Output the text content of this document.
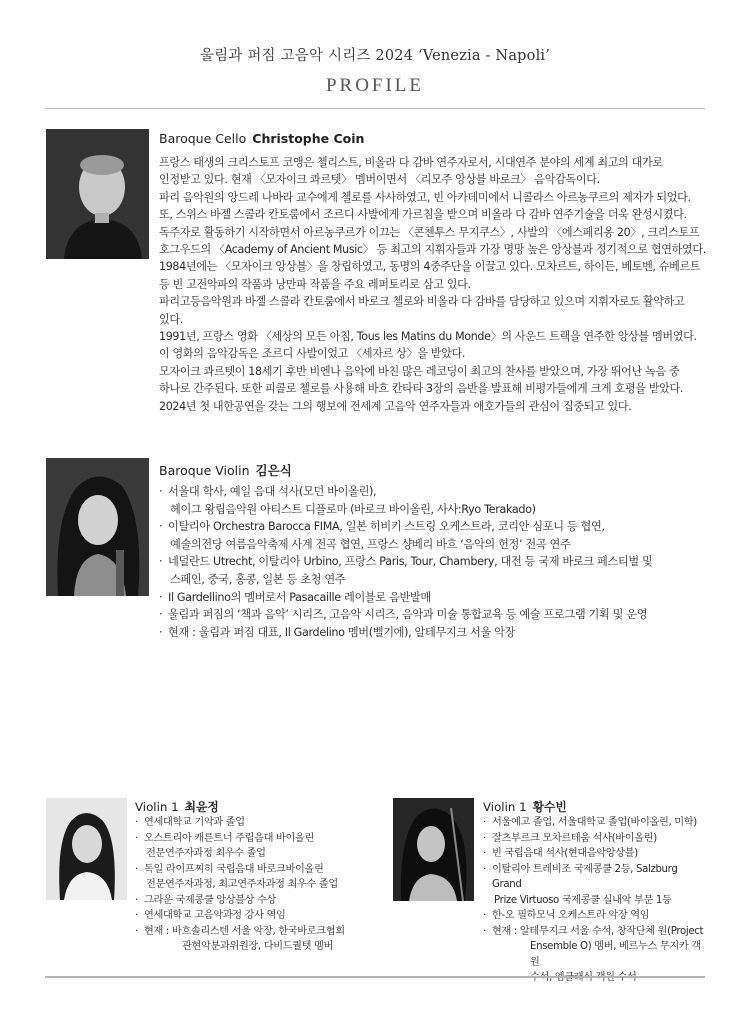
울림과 퍼짐 고음악 시리즈 2024 ‘Venezia - Napoli’
PROFILE
Baroque Cello Christophe Coin

프랑스 태생의 크리스토프 코앵은 첼리스트, 비올라 다 감바 연주자로서, 시대연주 분야의 세계 최고의 대가로 인정받고 있다. 현재 〈모자이크 콰르텟〉 멤버이면서 〈리모주 앙상블 바로크〉 음악감독이다.

파리 음악원의 앙드레 나바라 교수에게 첼로를 사사하였고, 빈 아카데미에서 니콜라스 아르농쿠르의 제자가 되었다. 또, 스위스 바젤 스콜라 칸토룸에서 조르디 사발에게 가르침을 받으며 비올라 다 감바 연주기술을 더욱 완성시켰다.

독주자로 활동하기 시작하면서 아르농쿠르가 이끄는 〈콘첸투스 무지쿠스〉, 사발의 〈에스페리옹 20〉, 크리스토프 호그우드의 〈Academy of Ancient Music〉 등 최고의 지휘자들과 가장 명망 높은 앙상블과 정기적으로 협연하였다.

1984년에는 〈모자이크 앙상블〉을 창립하였고, 동명의 4중주단을 이끌고 있다. 모차르트, 하이든, 베토벤, 슈베르트 등 빈 고전악파의 작품과 낭만파 작품을 주요 레퍼토리로 삼고 있다.

파리고등음악원과 바젤 스콜라 칸토룸에서 바로크 첼로와 비올라 다 감바를 담당하고 있으며 지휘자로도 활약하고 있다.

1991년, 프랑스 영화 〈세상의 모든 아침, Tous les Matins du Monde〉의 사운드 트랙을 연주한 앙상블 멤버였다. 이 영화의 음악감독은 조르디 사발이었고 〈세자르 상〉을 받았다.

모자이크 콰르텟이 18세기 후반 비엔나 음악에 바친 많은 레코딩이 최고의 찬사를 받았으며, 가장 뛰어난 녹음 중 하나로 간주된다. 또한 피콜로 첼로를 사용해 바흐 칸타타 3장의 음반을 발표해 비평가들에게 크게 호평을 받았다.

2024년 첫 내한공연을 갖는 그의 행보에 전세계 고음악 연주자들과 애호가들의 관심이 집중되고 있다.

Baroque Violin 김은식
· 서울대 학사, 예일 음대 석사(모던 바이올린),
헤이그 왕립음악원 아티스트 디플로마 (바로크 바이올린, 사사:Ryo Terakado)
· 이탈리아 Orchestra Barocca FIMA, 일본 히비키 스트링 오케스트라, 코리안 심포니 등 협연,
예술의전당 여름음악축제 사계 전곡 협연, 프랑스 샹베리 바흐 ‘음악의 헌정’ 전곡 연주
· 네덜란드 Utrecht, 이탈리아 Urbino, 프랑스 Paris, Tour, Chambery, 대전 등 국제 바로크 페스티벌 및
스페인, 중국, 홍콩, 일본 등 초청 연주
· Il Gardellino의 멤버로서 Pasacaille 레이블로 음반발매
· 울림과 퍼짐의 ‘책과 음악’ 시리즈, 고음악 시리즈, 음악과 미술 통합교육 등 예술 프로그램 기획 및 운영
· 현재 : 울림과 퍼짐 대표, Il Gardelino 멤버(벨기에), 알테무지크 서울 악장
Violin 1 최윤정
· 연세대학교 기악과 졸업
· 오스트리아 캐른트너 주립음대 바이올린
전문연주자과정 최우수 졸업
· 독일 라이프찌히 국립음대 바로크바이올린
전문연주자과정, 최고연주자과정 최우수 졸업
· 그라운 국제콩쿨 앙상블상 수상
· 연세대학교 고음악과정 강사 역임
· 현재 : 바흐솔리스텐 서울 악장, 한국바로크협회
관현악분과위원장, 다비드퀄텟 멤버
Violin 1 황수빈
· 서울예고 졸업, 서울대학교 졸업(바이올린, 미학)
· 잘츠부르크 모차르테움 석사(바이올린)
· 빈 국립음대 석사(현대음악앙상블)
· 이탈리아 트레비조 국제콩쿨 2등, Salzburg Grand
Prize Virtuoso 국제콩쿨 실내악 부문 1등
· 한-오 필하모닉 오케스트라 악장 역임
· 현재 : 알테무지크 서울 수석, 창작단체 원(Project
Ensemble O) 멤버, 베르누스 무지카 객원
